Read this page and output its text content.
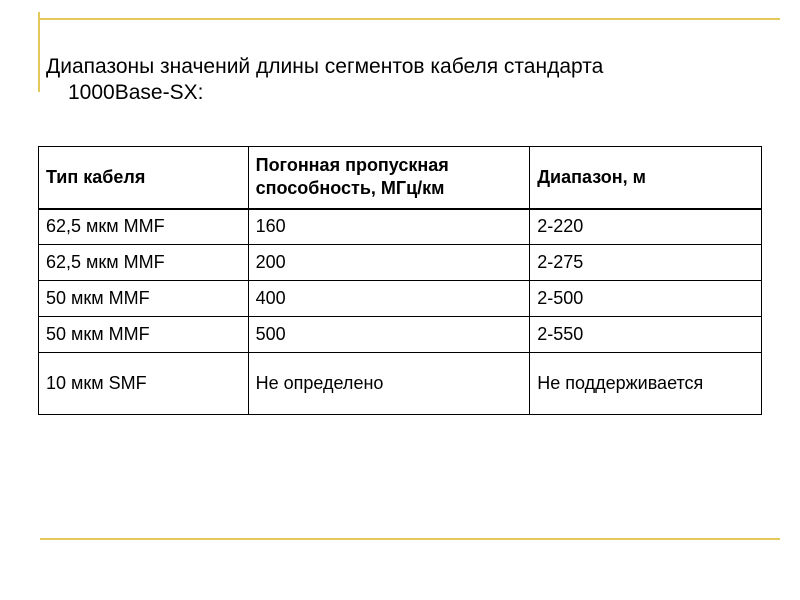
Диапазоны значений длины сегментов кабеля стандарта
1000Base-SX:
Тип кабеля	Погонная пропускная способность, МГц/км	Диапазон, м
62,5 мкм MMF	160	2-220
62,5 мкм MMF	200	2-275
50 мкм MMF	400	2-500
50 мкм MMF	500	2-550
10 мкм SMF	Не определено	Не поддерживается
